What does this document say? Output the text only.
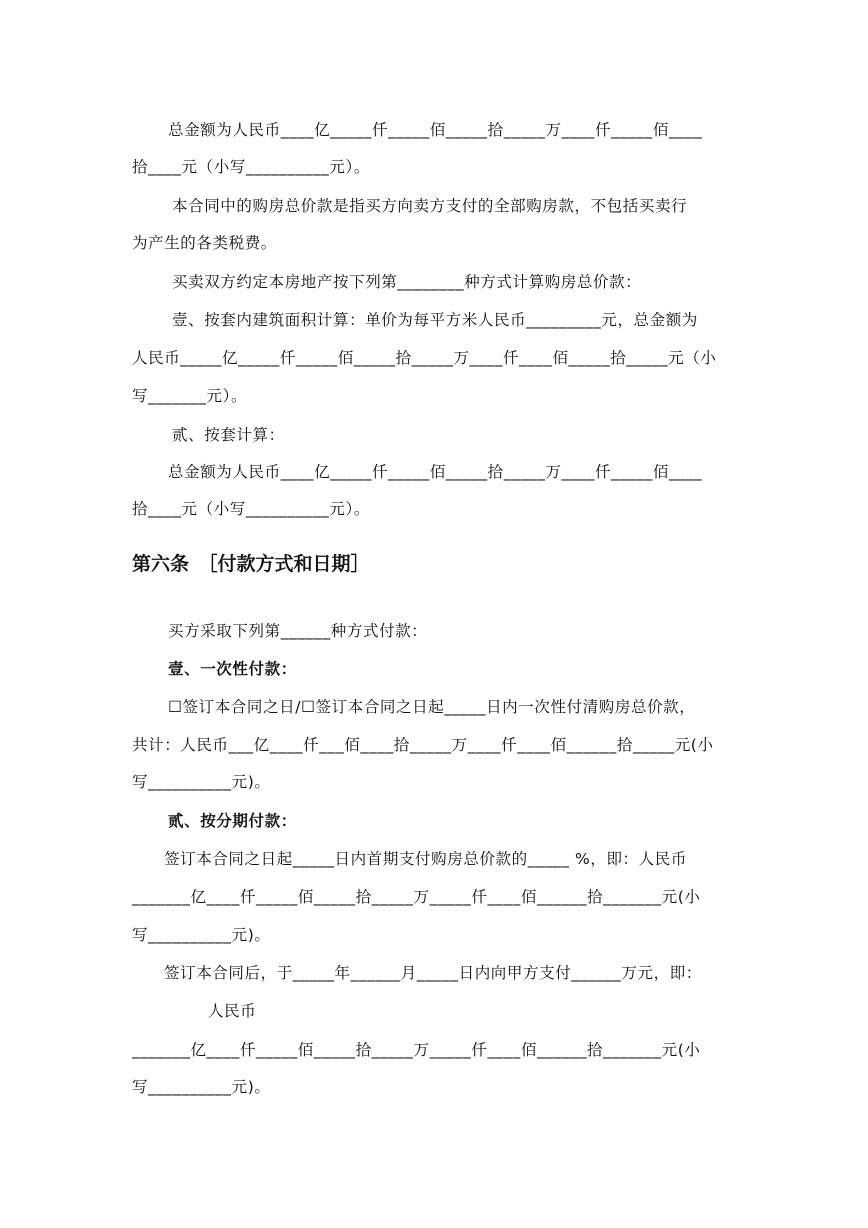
第六条　［付款方式和日期］
总金额为人民币____亿_____仟_____佰_____拾_____万____仟_____佰____
拾____元（小写__________元）。
本合同中的购房总价款是指买方向卖方支付的全部购房款，不包括买卖行
为产生的各类税费。
买卖双方约定本房地产按下列第________种方式计算购房总价款：
壹、按套内建筑面积计算：单价为每平方米人民币_________元，总金额为
人民币_____亿_____仟_____佰_____拾_____万____仟____佰_____拾_____元（小
写_______元）。
贰、按套计算：
总金额为人民币____亿_____仟_____佰_____拾_____万____仟_____佰____
拾____元（小写__________元）。
买方采取下列第______种方式付款：
壹、一次性付款：
☐签订本合同之日/☐签订本合同之日起_____日内一次性付清购房总价款，
共计：人民币___亿____仟___佰____拾_____万____仟____佰______拾_____元(小
写__________元)。
贰、按分期付款：
签订本合同之日起_____日内首期支付购房总价款的_____ %，即：人民币
_______亿____仟_____佰_____拾_____万_____仟____佰______拾_______元(小
写__________元)。
签订本合同后，于_____年______月_____日内向甲方支付______万元，即：
人民币
_______亿____仟_____佰_____拾_____万_____仟____佰______拾_______元(小
写__________元)。
